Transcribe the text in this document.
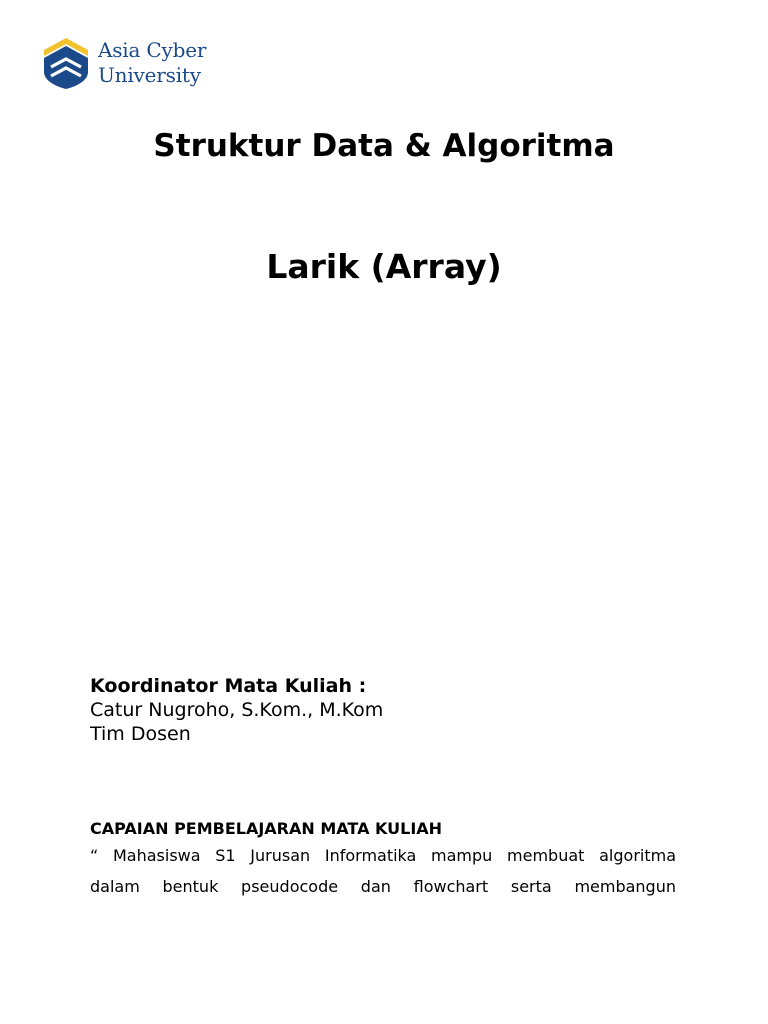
Asia Cyber
University
Struktur Data & Algoritma
Larik (Array)
Koordinator Mata Kuliah :
Catur Nugroho, S.Kom., M.Kom
Tim Dosen
CAPAIAN PEMBELAJARAN MATA KULIAH
“ Mahasiswa S1 Jurusan Informatika mampu membuat algoritma
dalam bentuk pseudocode dan flowchart serta membangun
